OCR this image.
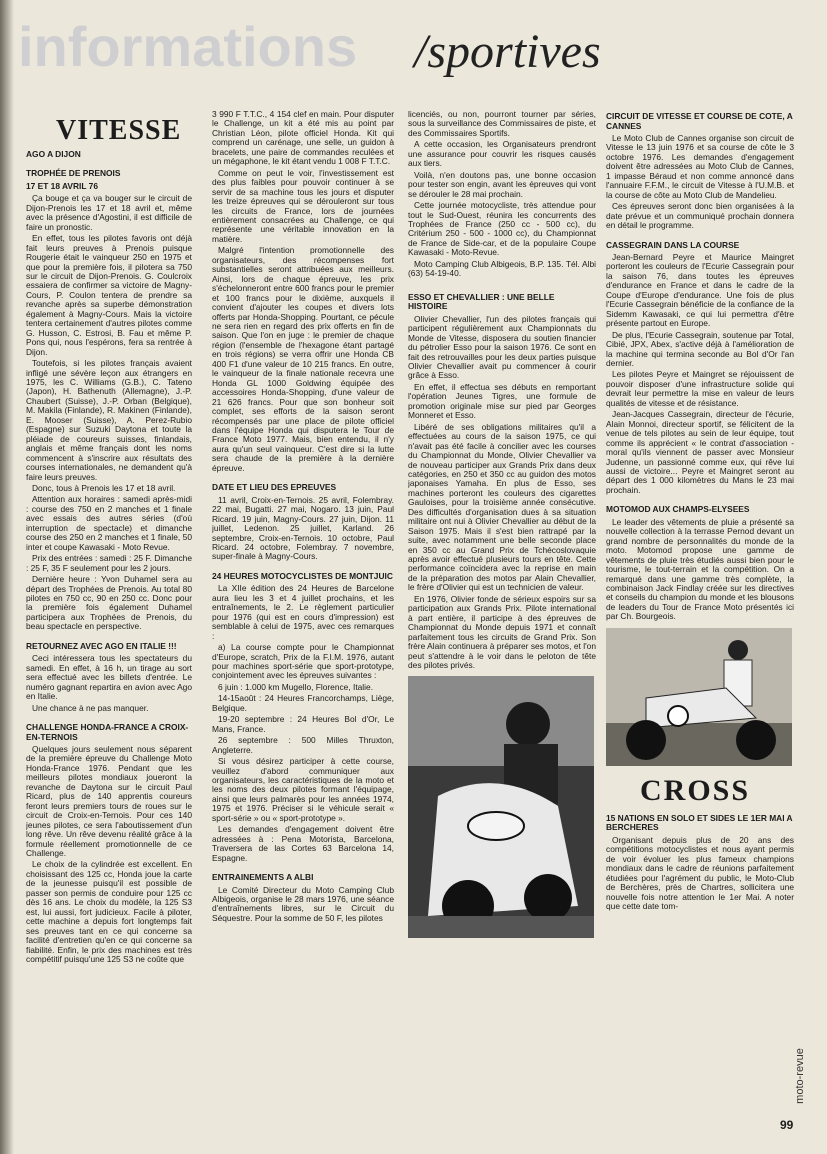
informations /sportives
VITESSE
AGO A DIJON
TROPHÉE DE PRENOIS
17 ET 18 AVRIL 76

Ça bouge et ça va bouger sur le circuit de Dijon-Prenois les 17 et 18 avril et, même avec la présence d'Agostini, il est difficile de faire un pronostic.

En effet, tous les pilotes favoris ont déjà fait leurs preuves à Prenois puisque Rougerie était le vainqueur 250 en 1975 et que pour la première fois, il pilotera sa 750 sur le circuit de Dijon-Prenois. G. Coulcroix essaiera de confirmer sa victoire de Magny-Cours, P. Coulon tentera de prendre sa revanche après sa superbe démonstration également à Magny-Cours. Mais la victoire tentera certainement d'autres pilotes comme G. Husson, C. Estrosi, B. Fau et même P. Pons qui, nous l'espérons, fera sa rentrée à Dijon.

Toutefois, si les pilotes français avaient infligé une sévère leçon aux étrangers en 1975, les C. Williams (G.B.), C. Tateno (Japon), H. Bathenuth (Allemagne), J.-P. Chaubert (Suisse), J.-P. Orban (Belgique), M. Makila (Finlande), R. Makinen (Finlande), E. Mooser (Suisse), A. Perez-Rubio (Espagne) sur Suzuki Daytona et toute la pléiade de coureurs suisses, finlandais, anglais et même français dont les noms commencent à s'inscrire aux résultats des courses internationales, ne demandent qu'à faire leurs preuves.

Donc, tous à Prenois les 17 et 18 avril.

Attention aux horaires : samedi après-midi : course des 750 en 2 manches et 1 finale avec essais des autres séries (d'où interruption de spectacle) et dimanche course des 250 en 2 manches et 1 finale, 50 inter et coupe Kawasaki - Moto Revue.

Prix des entrées : samedi : 25 F. Dimanche : 25 F, 35 F seulement pour les 2 jours.

Dernière heure : Yvon Duhamel sera au départ des Trophées de Prenois. Au total 80 pilotes en 750 cc, 90 en 250 cc. Donc pour la première fois également Duhamel participera aux Trophées de Prenois, du beau spectacle en perspective.

RETOURNEZ AVEC AGO EN ITALIE !!!

Ceci intéressera tous les spectateurs du samedi. En effet, à 16 h, un tirage au sort sera effectué avec les billets d'entrée. Le numéro gagnant repartira en avion avec Ago en Italie.

Une chance à ne pas manquer.

CHALLENGE HONDA-FRANCE A CROIX-EN-TERNOIS

Quelques jours seulement nous séparent de la première épreuve du Challenge Moto Honda-France 1976. Pendant que les meilleurs pilotes mondiaux joueront la revanche de Daytona sur le circuit Paul Ricard, plus de 140 apprentis coureurs feront leurs premiers tours de roues sur le circuit de Croix-en-Ternois. Pour ces 140 jeunes pilotes, ce sera l'aboutissement d'un long rêve. Un rêve devenu réalité grâce à la formule réellement promotionnelle de ce Challenge.

Le choix de la cylindrée est excellent. En choisissant des 125 cc, Honda joue la carte de la jeunesse puisqu'il est possible de passer son permis de conduire pour 125 cc dès 16 ans. Le choix du modèle, la 125 S3 est, lui aussi, fort judicieux. Facile à piloter, cette machine a depuis fort longtemps fait ses preuves tant en ce qui concerne sa facilité d'entretien qu'en ce qui concerne sa fiabilité. Enfin, le prix des machines est très compétitif puisqu'une 125 S3 ne coûte que

3 990 F T.T.C., 4 154 clef en main. Pour disputer le Challenge, un kit a été mis au point par Christian Léon, pilote officiel Honda. Kit qui comprend un carénage, une selle, un guidon à bracelets, une paire de commandes reculées et un mégaphone, le kit étant vendu 1 008 F T.T.C.

Comme on peut le voir, l'investissement est des plus faibles pour pouvoir continuer à se servir de sa machine tous les jours et disputer les treize épreuves qui se dérouleront sur tous les circuits de France, lors de journées entièrement consacrées au Challenge, ce qui représente une véritable innovation en la matière.

Malgré l'intention promotionnelle des organisateurs, des récompenses fort substantielles seront attribuées aux meilleurs. Ainsi, lors de chaque épreuve, les prix s'échelonneront entre 600 francs pour le premier et 100 francs pour le dixième, auxquels il convient d'ajouter les coupes et divers lots offerts par Honda-Shopping. Pourtant, ce pécule ne sera rien en regard des prix offerts en fin de saison. Que l'on en juge : le premier de chaque région (l'ensemble de l'hexagone étant partagé en trois régions) se verra offrir une Honda CB 400 F1 d'une valeur de 10 215 francs. En outre, le vainqueur de la finale nationale recevra une Honda GL 1000 Goldwing équipée des accessoires Honda-Shopping, d'une valeur de 21 626 francs. Pour que son bonheur soit complet, ses efforts de la saison seront récompensés par une place de pilote officiel dans l'équipe Honda qui disputera le Tour de France Moto 1977. Mais, bien entendu, il n'y aura qu'un seul vainqueur. C'est dire si la lutte sera chaude de la première à la dernière épreuve.

DATE ET LIEU DES EPREUVES

11 avril, Croix-en-Ternois. 25 avril, Folembray. 22 mai, Bugatti. 27 mai, Nogaro. 13 juin, Paul Ricard. 19 juin, Magny-Cours. 27 juin, Dijon. 11 juillet, Ledenon. 25 juillet, Karland. 26 septembre, Croix-en-Ternois. 10 octobre, Paul Ricard. 24 octobre, Folembray. 7 novembre, super-finale à Magny-Cours.

24 HEURES MOTOCYCLISTES DE MONTJUIC

La XIIe édition des 24 Heures de Barcelone aura lieu les 3 et 4 juillet prochains, et les entraînements, le 2. Le règlement particulier pour 1976 (qui est en cours d'impression) est semblable à celui de 1975, avec ces remarques :

a) La course compte pour le Championnat d'Europe, scratch, Prix de la F.I.M. 1976, autant pour machines sport-série que sport-prototype, conjointement avec les épreuves suivantes :

6 juin : 1.000 km Mugello, Florence, Italie.

14-15août : 24 Heures Francorchamps, Liège, Belgique.

19-20 septembre : 24 Heures Bol d'Or, Le Mans, France.

26 septembre : 500 Milles Thruxton, Angleterre.

Si vous désirez participer à cette course, veuillez d'abord communiquer aux organisateurs, les caractéristiques de la moto et les noms des deux pilotes formant l'équipage, ainsi que leurs palmarès pour les années 1974, 1975 et 1976. Préciser si le véhicule serait « sport-série » ou « sport-prototype ».

Les demandes d'engagement doivent être adressées à : Pena Motorista, Barcelona, Traversera de las Cortes 63 Barcelona 14, Espagne.

ENTRAINEMENTS A ALBI

Le Comité Directeur du Moto Camping Club Albigeois, organise le 28 mars 1976, une séance d'entraînements libres, sur le Circuit du Séquestre. Pour la somme de 50 F, les pilotes

licenciés, ou non, pourront tourner par séries, sous la surveillance des Commissaires de piste, et des Commissaires Sportifs.

A cette occasion, les Organisateurs prendront une assurance pour couvrir les risques causés aux tiers.

Voilà, n'en doutons pas, une bonne occasion pour tester son engin, avant les épreuves qui vont se dérouler le 28 mai prochain.

Cette journée motocycliste, très attendue pour tout le Sud-Ouest, réunira les concurrents des Trophées de France (250 cc - 500 cc), du Critérium 250 - 500 - 1000 cc), du Championnat de France de Side-car, et de la populaire Coupe Kawasaki - Moto-Revue.

Moto Camping Club Albigeois, B.P. 135. Tél. Albi (63) 54-19-40.

ESSO ET CHEVALLIER : UNE BELLE HISTOIRE

Olivier Chevallier, l'un des pilotes français qui participent régulièrement aux Championnats du Monde de Vitesse, disposera du soutien financier du pétrolier Esso pour la saison 1976. Ce sont en fait des retrouvailles pour les deux parties puisque Olivier Chevallier avait pu commencer à courir grâce à Esso.

En effet, il effectua ses débuts en remportant l'opération Jeunes Tigres, une formule de promotion originale mise sur pied par Georges Monneret et Esso.

Libéré de ses obligations militaires qu'il a effectuées au cours de la saison 1975, ce qui n'avait pas été facile à concilier avec les courses du Championnat du Monde, Olivier Chevallier va de nouveau participer aux Grands Prix dans deux catégories, en 250 et 350 cc au guidon des motos japonaises Yamaha. En plus de Esso, ses machines porteront les couleurs des cigarettes Gauloises, pour la troisième année consécutive. Des difficultés d'organisation dues à sa situation militaire ont nui à Olivier Chevallier au début de la Saison 1975. Mais il s'est bien rattrapé par la suite, avec notamment une belle seconde place en 350 cc au Grand Prix de Tchécoslovaquie après avoir effectué plusieurs tours en tête. Cette performance coïncidera avec la reprise en main de la préparation des motos par Alain Chevallier, le frère d'Olivier qui est un technicien de valeur.

En 1976, Olivier fonde de sérieux espoirs sur sa participation aux Grands Prix. Pilote international à part entière, il participe à des épreuves de Championnat du Monde depuis 1971 et connaît parfaitement tous les circuits de Grand Prix. Son frère Alain continuera à préparer ses motos, et l'on peut s'attendre à le voir dans le peloton de tête des pilotes privés.

CIRCUIT DE VITESSE ET COURSE DE COTE, A CANNES

Le Moto Club de Cannes organise son circuit de Vitesse le 13 juin 1976 et sa course de côte le 3 octobre 1976. Les demandes d'engagement doivent être adressées au Moto Club de Cannes, 1 impasse Béraud et non comme annoncé dans l'annuaire F.F.M., le circuit de Vitesse à l'U.M.B. et la course de côte au Moto Club de Mandelieu.

Ces épreuves seront donc bien organisées à la date prévue et un communiqué prochain donnera en détail le programme.

CASSEGRAIN DANS LA COURSE

Jean-Bernard Peyre et Maurice Maingret porteront les couleurs de l'Ecurie Cassegrain pour la saison 76, dans toutes les épreuves d'endurance en France et dans le cadre de la Coupe d'Europe d'endurance. Une fois de plus l'Ecurie Cassegrain bénéficie de la confiance de la Sidemm Kawasaki, ce qui lui permettra d'être présente partout en Europe.

De plus, l'Ecurie Cassegrain, soutenue par Total, Cibié, JPX, Abex, s'active déjà à l'amélioration de la machine qui termina seconde au Bol d'Or l'an dernier.

Les pilotes Peyre et Maingret se réjouissent de pouvoir disposer d'une infrastructure solide qui devrait leur permettre la mise en valeur de leurs qualités de vitesse et de résistance.

Jean-Jacques Cassegrain, directeur de l'écurie, Alain Monnoi, directeur sportif, se félicitent de la venue de tels pilotes au sein de leur équipe, tout comme ils apprécient « le contrat d'association - moral qu'ils viennent de passer avec Monsieur Judenne, un passionné comme eux, qui rêve lui aussi de victoire... Peyre et Maingret seront au départ des 1 000 kilomètres du Mans le 23 mai prochain.

MOTOMOD AUX CHAMPS-ELYSEES

Le leader des vêtements de pluie a présenté sa nouvelle collection à la terrasse Pernod devant un grand nombre de personnalités du monde de la moto. Motomod propose une gamme de vêtements de pluie très étudiés aussi bien pour le tourisme, le tout-terrain et la compétition. On a remarqué dans une gamme très complète, la combinaison Jack Findlay créée sur les directives et conseils du champion du monde et les blousons de leaders du Tour de France Moto présentés ici par Ch. Bourgeois.

CROSS
15 NATIONS EN SOLO ET SIDES LE 1ER MAI A BERCHERES

Organisant depuis plus de 20 ans des compétitions motocyclistes et nous ayant permis de voir évoluer les plus fameux champions mondiaux dans le cadre de réunions parfaitement étudiées pour l'agrément du public, le Moto-Club de Berchères, près de Chartres, sollicitera une nouvelle fois notre attention le 1er Mai. A noter que cette date tom-

moto-revue
99
